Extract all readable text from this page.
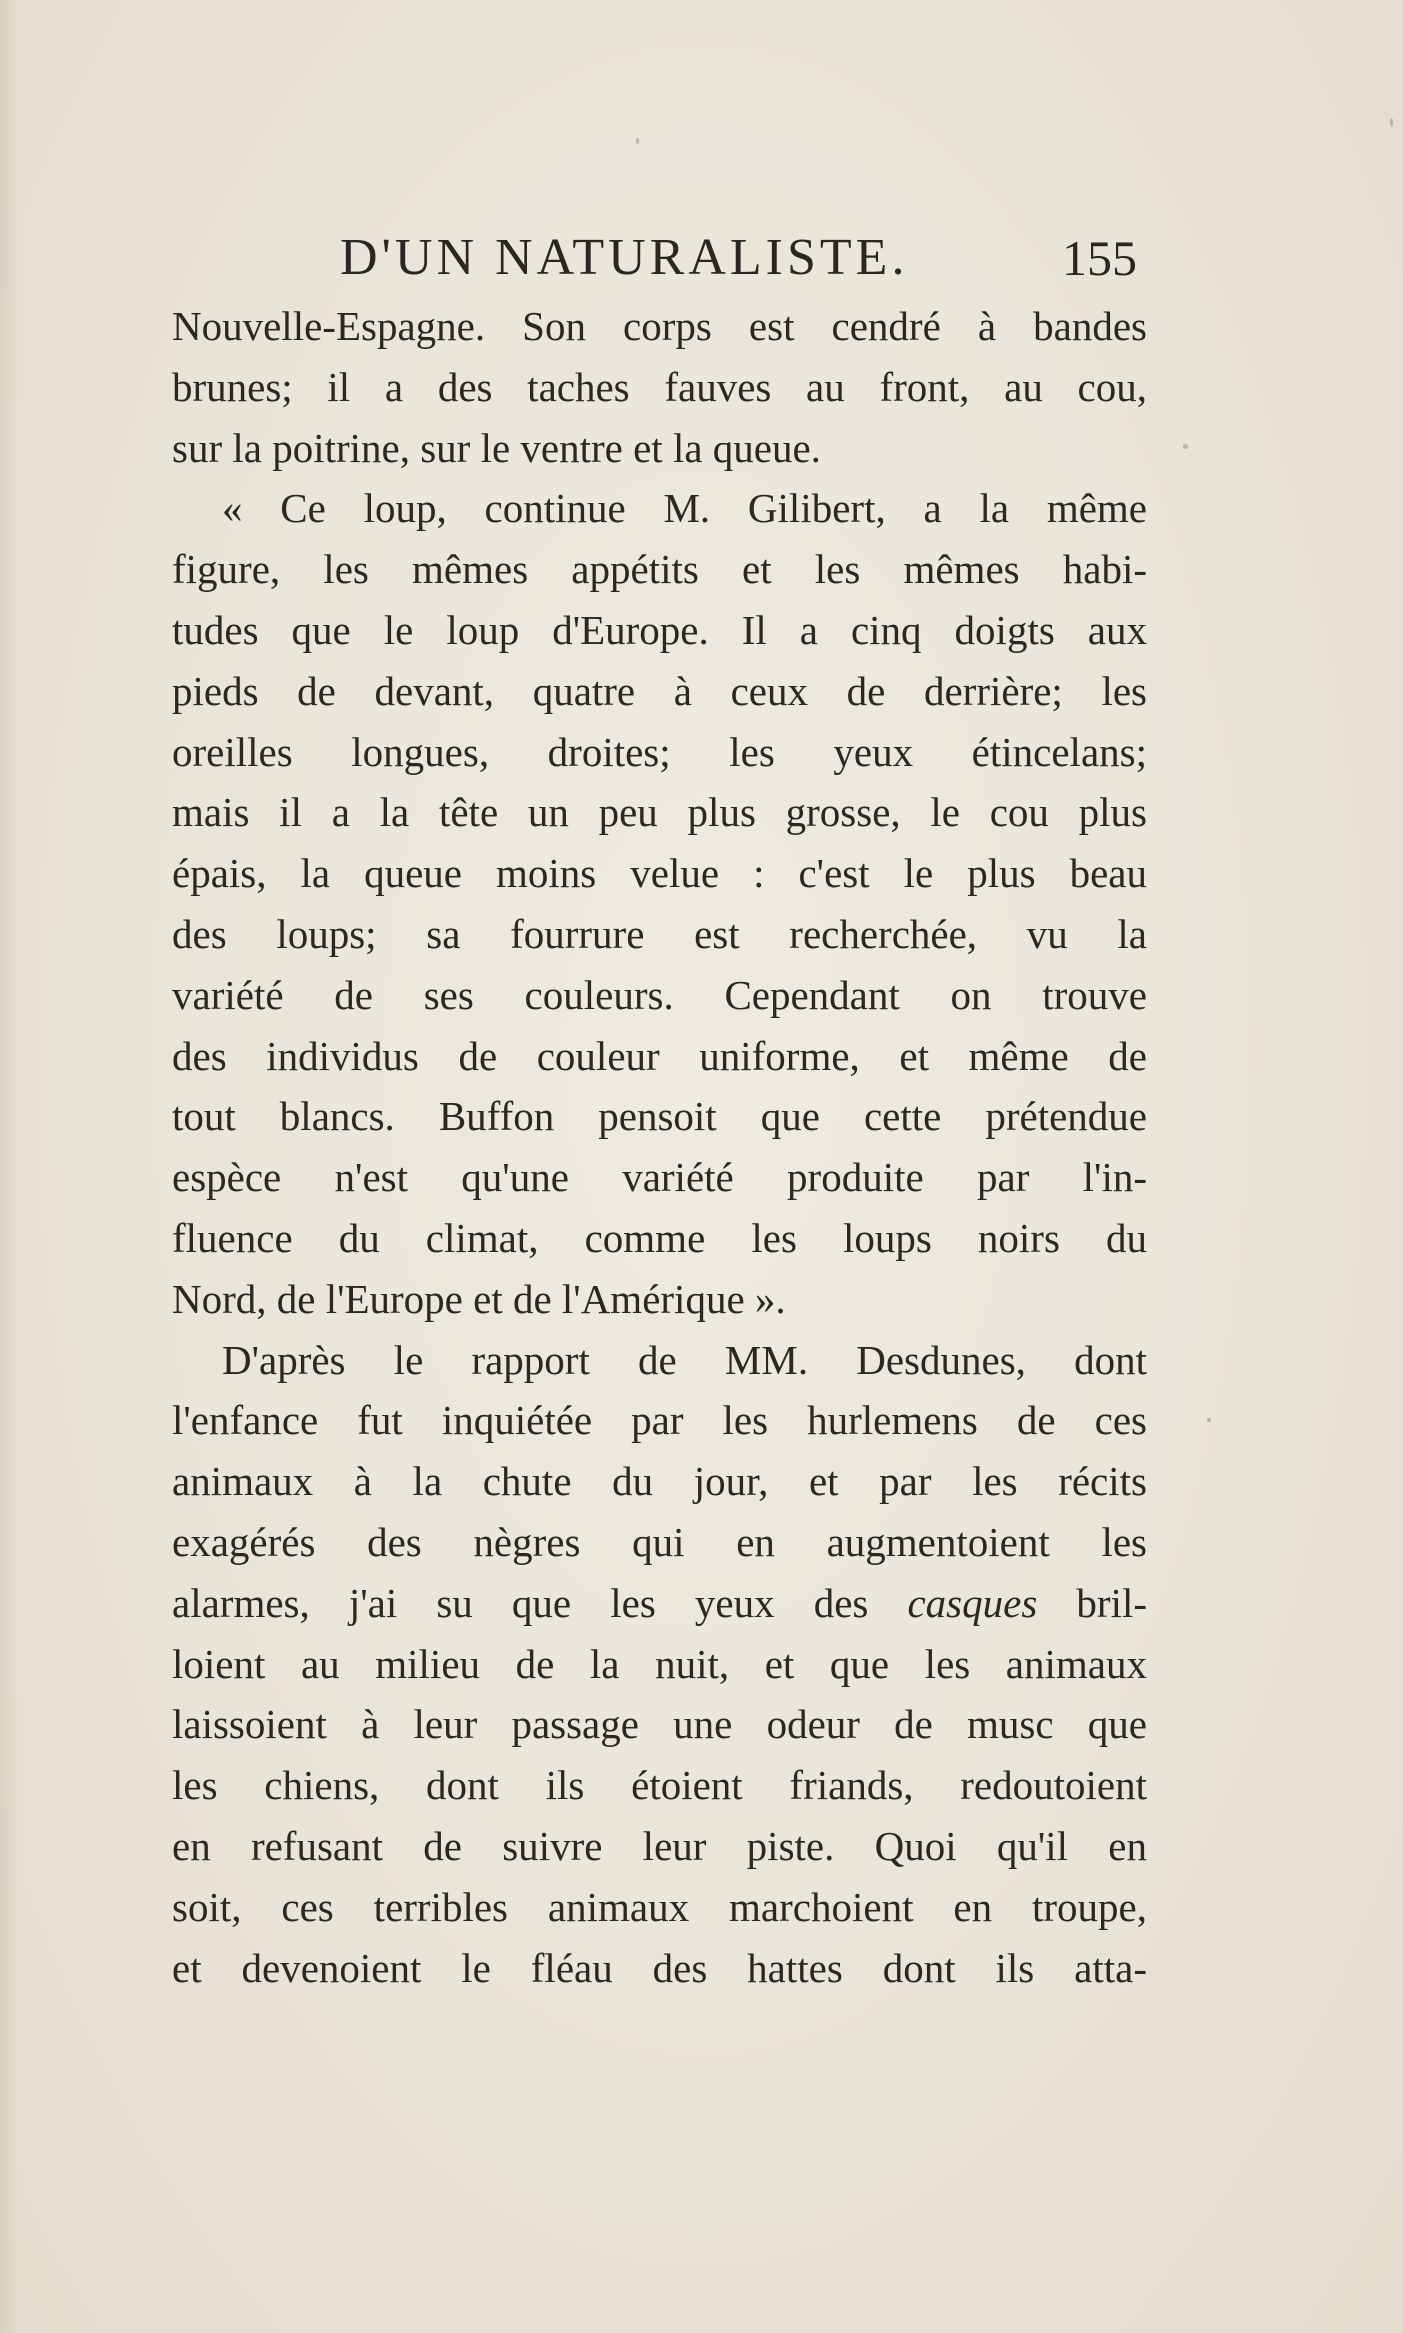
D'UN NATURALISTE.	155
Nouvelle-Espagne. Son corps est cendré à bandes
brunes; il a des taches fauves au front, au cou,
sur la poitrine, sur le ventre et la queue.
« Ce loup, continue M. Gilibert, a la même
figure, les mêmes appétits et les mêmes habi-
tudes que le loup d'Europe. Il a cinq doigts aux
pieds de devant, quatre à ceux de derrière; les
oreilles longues, droites; les yeux étincelans;
mais il a la tête un peu plus grosse, le cou plus
épais, la queue moins velue : c'est le plus beau
des loups; sa fourrure est recherchée, vu la
variété de ses couleurs. Cependant on trouve
des individus de couleur uniforme, et même de
tout blancs. Buffon pensoit que cette prétendue
espèce n'est qu'une variété produite par l'in-
fluence du climat, comme les loups noirs du
Nord, de l'Europe et de l'Amérique ».
D'après le rapport de MM. Desdunes, dont
l'enfance fut inquiétée par les hurlemens de ces
animaux à la chute du jour, et par les récits
exagérés des nègres qui en augmentoient les
alarmes, j'ai su que les yeux des casques bril-
loient au milieu de la nuit, et que les animaux
laissoient à leur passage une odeur de musc que
les chiens, dont ils étoient friands, redoutoient
en refusant de suivre leur piste. Quoi qu'il en
soit, ces terribles animaux marchoient en troupe,
et devenoient le fléau des hattes dont ils atta-
